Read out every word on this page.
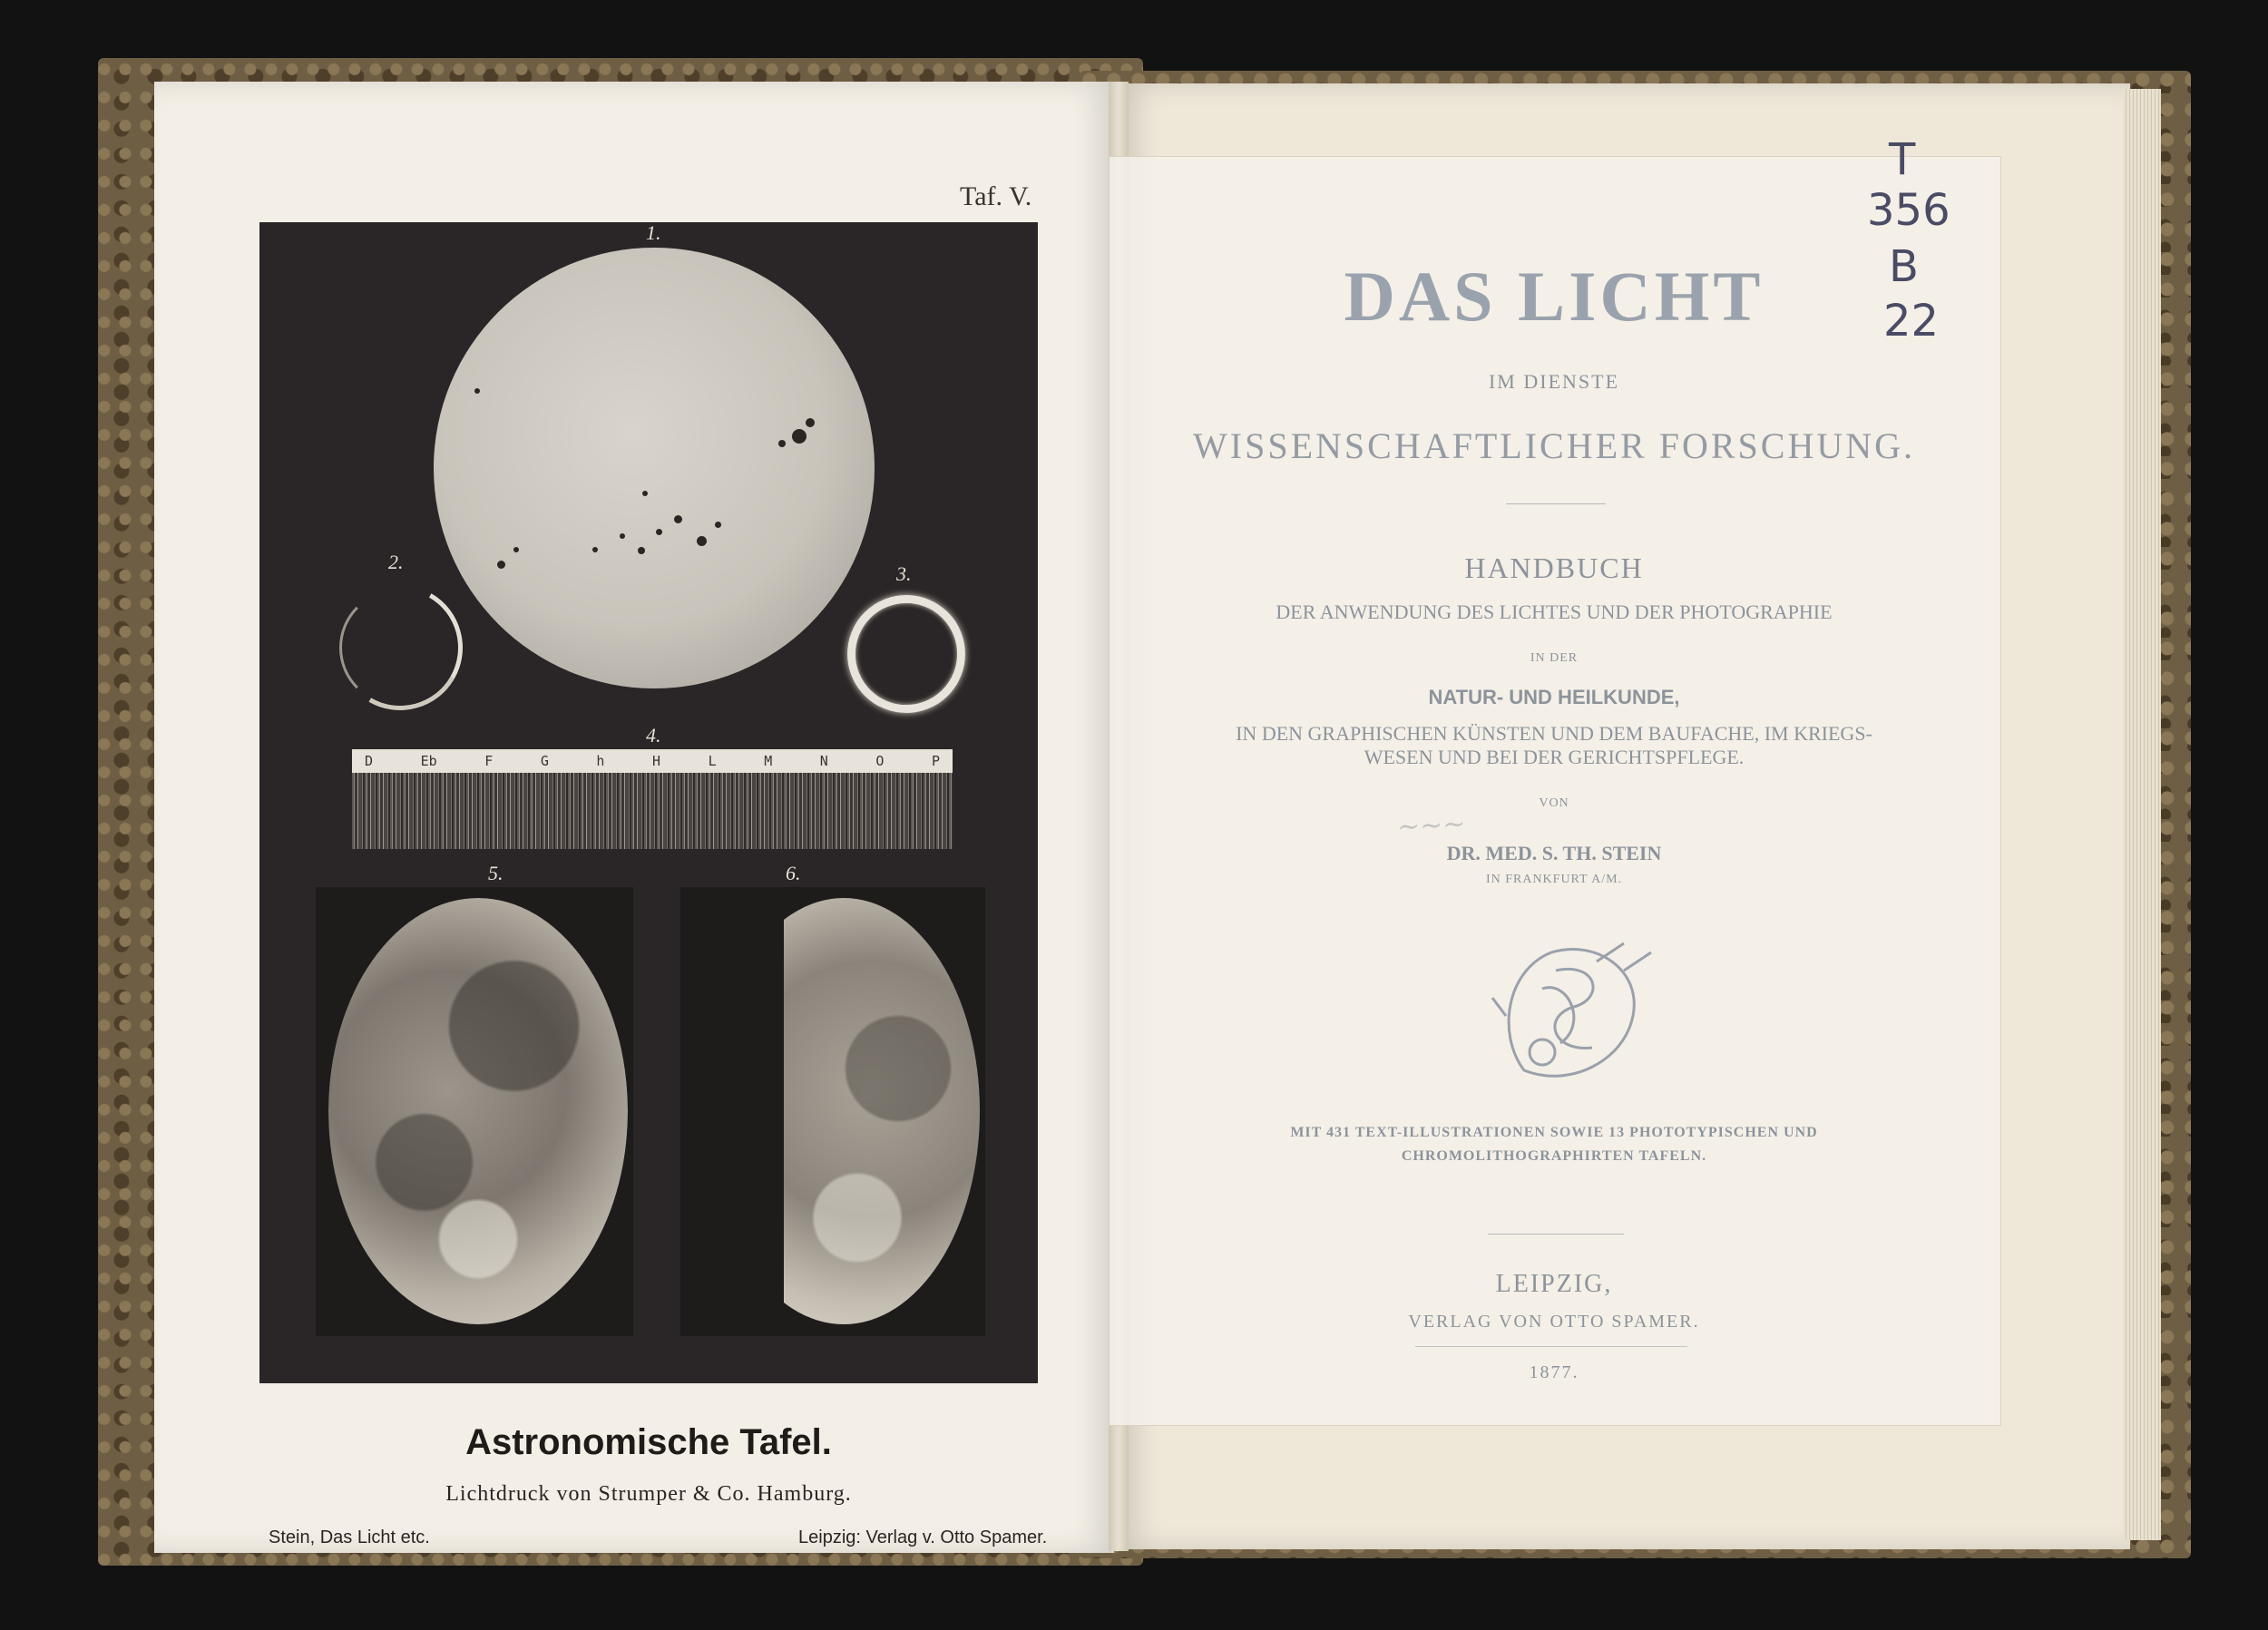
Taf. V.
1.
2.
3.
4.
D	Eb	F	G	h	H	L	M	N	O	P
5.	6.
Astronomische Tafel.
Lichtdruck von Strumper & Co. Hamburg.
Stein, Das Licht etc.	Leipzig: Verlag v. Otto Spamer.
DAS LICHT
IM DIENSTE
WISSENSCHAFTLICHER FORSCHUNG.
HANDBUCH
DER ANWENDUNG DES LICHTES UND DER PHOTOGRAPHIE
IN DER
NATUR- UND HEILKUNDE,
IN DEN GRAPHISCHEN KÜNSTEN UND DEM BAUFACHE, IM KRIEGS-
WESEN UND BEI DER GERICHTSPFLEGE.
VON
~~~
DR. MED. S. TH. STEIN
IN FRANKFURT A/M.
MIT 431 TEXT-ILLUSTRATIONEN SOWIE 13 PHOTOTYPISCHEN UND
CHROMOLITHOGRAPHIRTEN TAFELN.
LEIPZIG,
VERLAG VON OTTO SPAMER.
1877.
T
356
B
22
